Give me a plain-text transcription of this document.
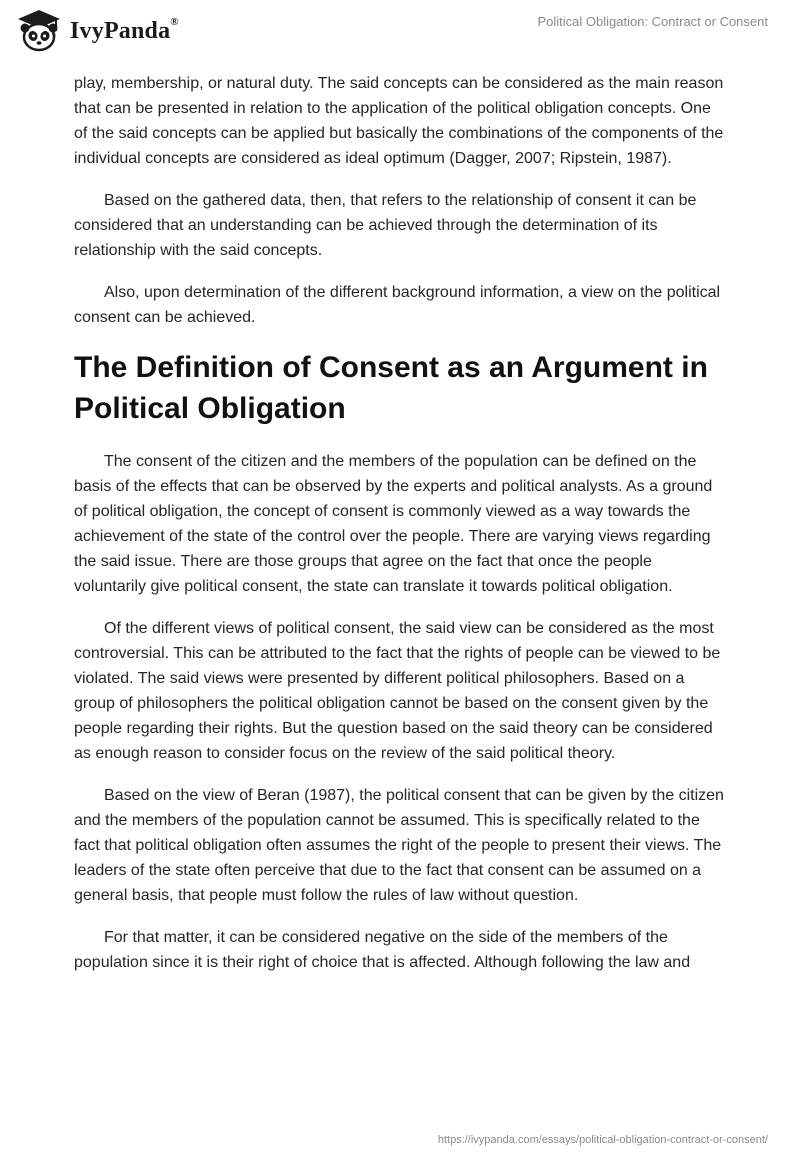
IvyPanda®	Political Obligation: Contract or Consent

play, membership, or natural duty. The said concepts can be considered as the main reason that can be presented in relation to the application of the political obligation concepts. One of the said concepts can be applied but basically the combinations of the components of the individual concepts are considered as ideal optimum (Dagger, 2007; Ripstein, 1987).

Based on the gathered data, then, that refers to the relationship of consent it can be considered that an understanding can be achieved through the determination of its relationship with the said concepts.

Also, upon determination of the different background information, a view on the political consent can be achieved.

The Definition of Consent as an Argument in Political Obligation

The consent of the citizen and the members of the population can be defined on the basis of the effects that can be observed by the experts and political analysts. As a ground of political obligation, the concept of consent is commonly viewed as a way towards the achievement of the state of the control over the people. There are varying views regarding the said issue. There are those groups that agree on the fact that once the people voluntarily give political consent, the state can translate it towards political obligation.

Of the different views of political consent, the said view can be considered as the most controversial. This can be attributed to the fact that the rights of people can be viewed to be violated. The said views were presented by different political philosophers. Based on a group of philosophers the political obligation cannot be based on the consent given by the people regarding their rights. But the question based on the said theory can be considered as enough reason to consider focus on the review of the said political theory.

Based on the view of Beran (1987), the political consent that can be given by the citizen and the members of the population cannot be assumed. This is specifically related to the fact that political obligation often assumes the right of the people to present their views. The leaders of the state often perceive that due to the fact that consent can be assumed on a general basis, that people must follow the rules of law without question.

For that matter, it can be considered negative on the side of the members of the population since it is their right of choice that is affected. Although following the law and

https://ivypanda.com/essays/political-obligation-contract-or-consent/
